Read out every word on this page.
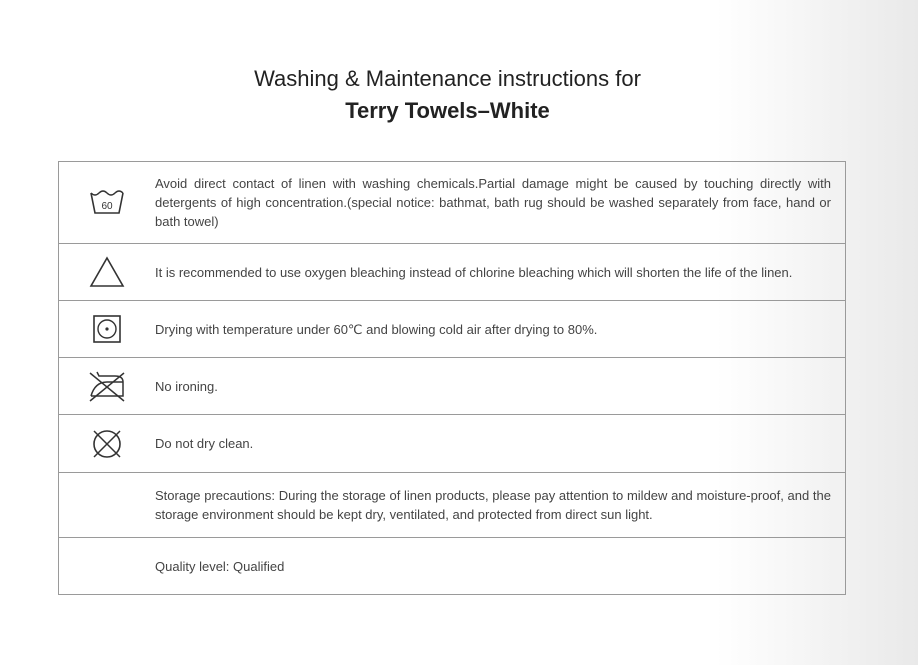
Washing & Maintenance instructions for
Terry Towels–White
60	Avoid direct contact of linen with washing chemicals.Partial damage might be caused by touching directly with detergents of high concentration.(special notice: bathmat, bath rug should be washed separately from face, hand or bath towel)

	It is recommended to use oxygen bleaching instead of chlorine bleaching which will shorten the life of the linen.

	Drying with temperature under 60℃ and blowing cold air after drying to 80%.

	No ironing.

	Do not dry clean.
	Storage precautions: During the storage of linen products, please pay attention to mildew and moisture-proof, and the storage environment should be kept dry, ventilated, and protected from direct sun light.
	Quality level: Qualified
